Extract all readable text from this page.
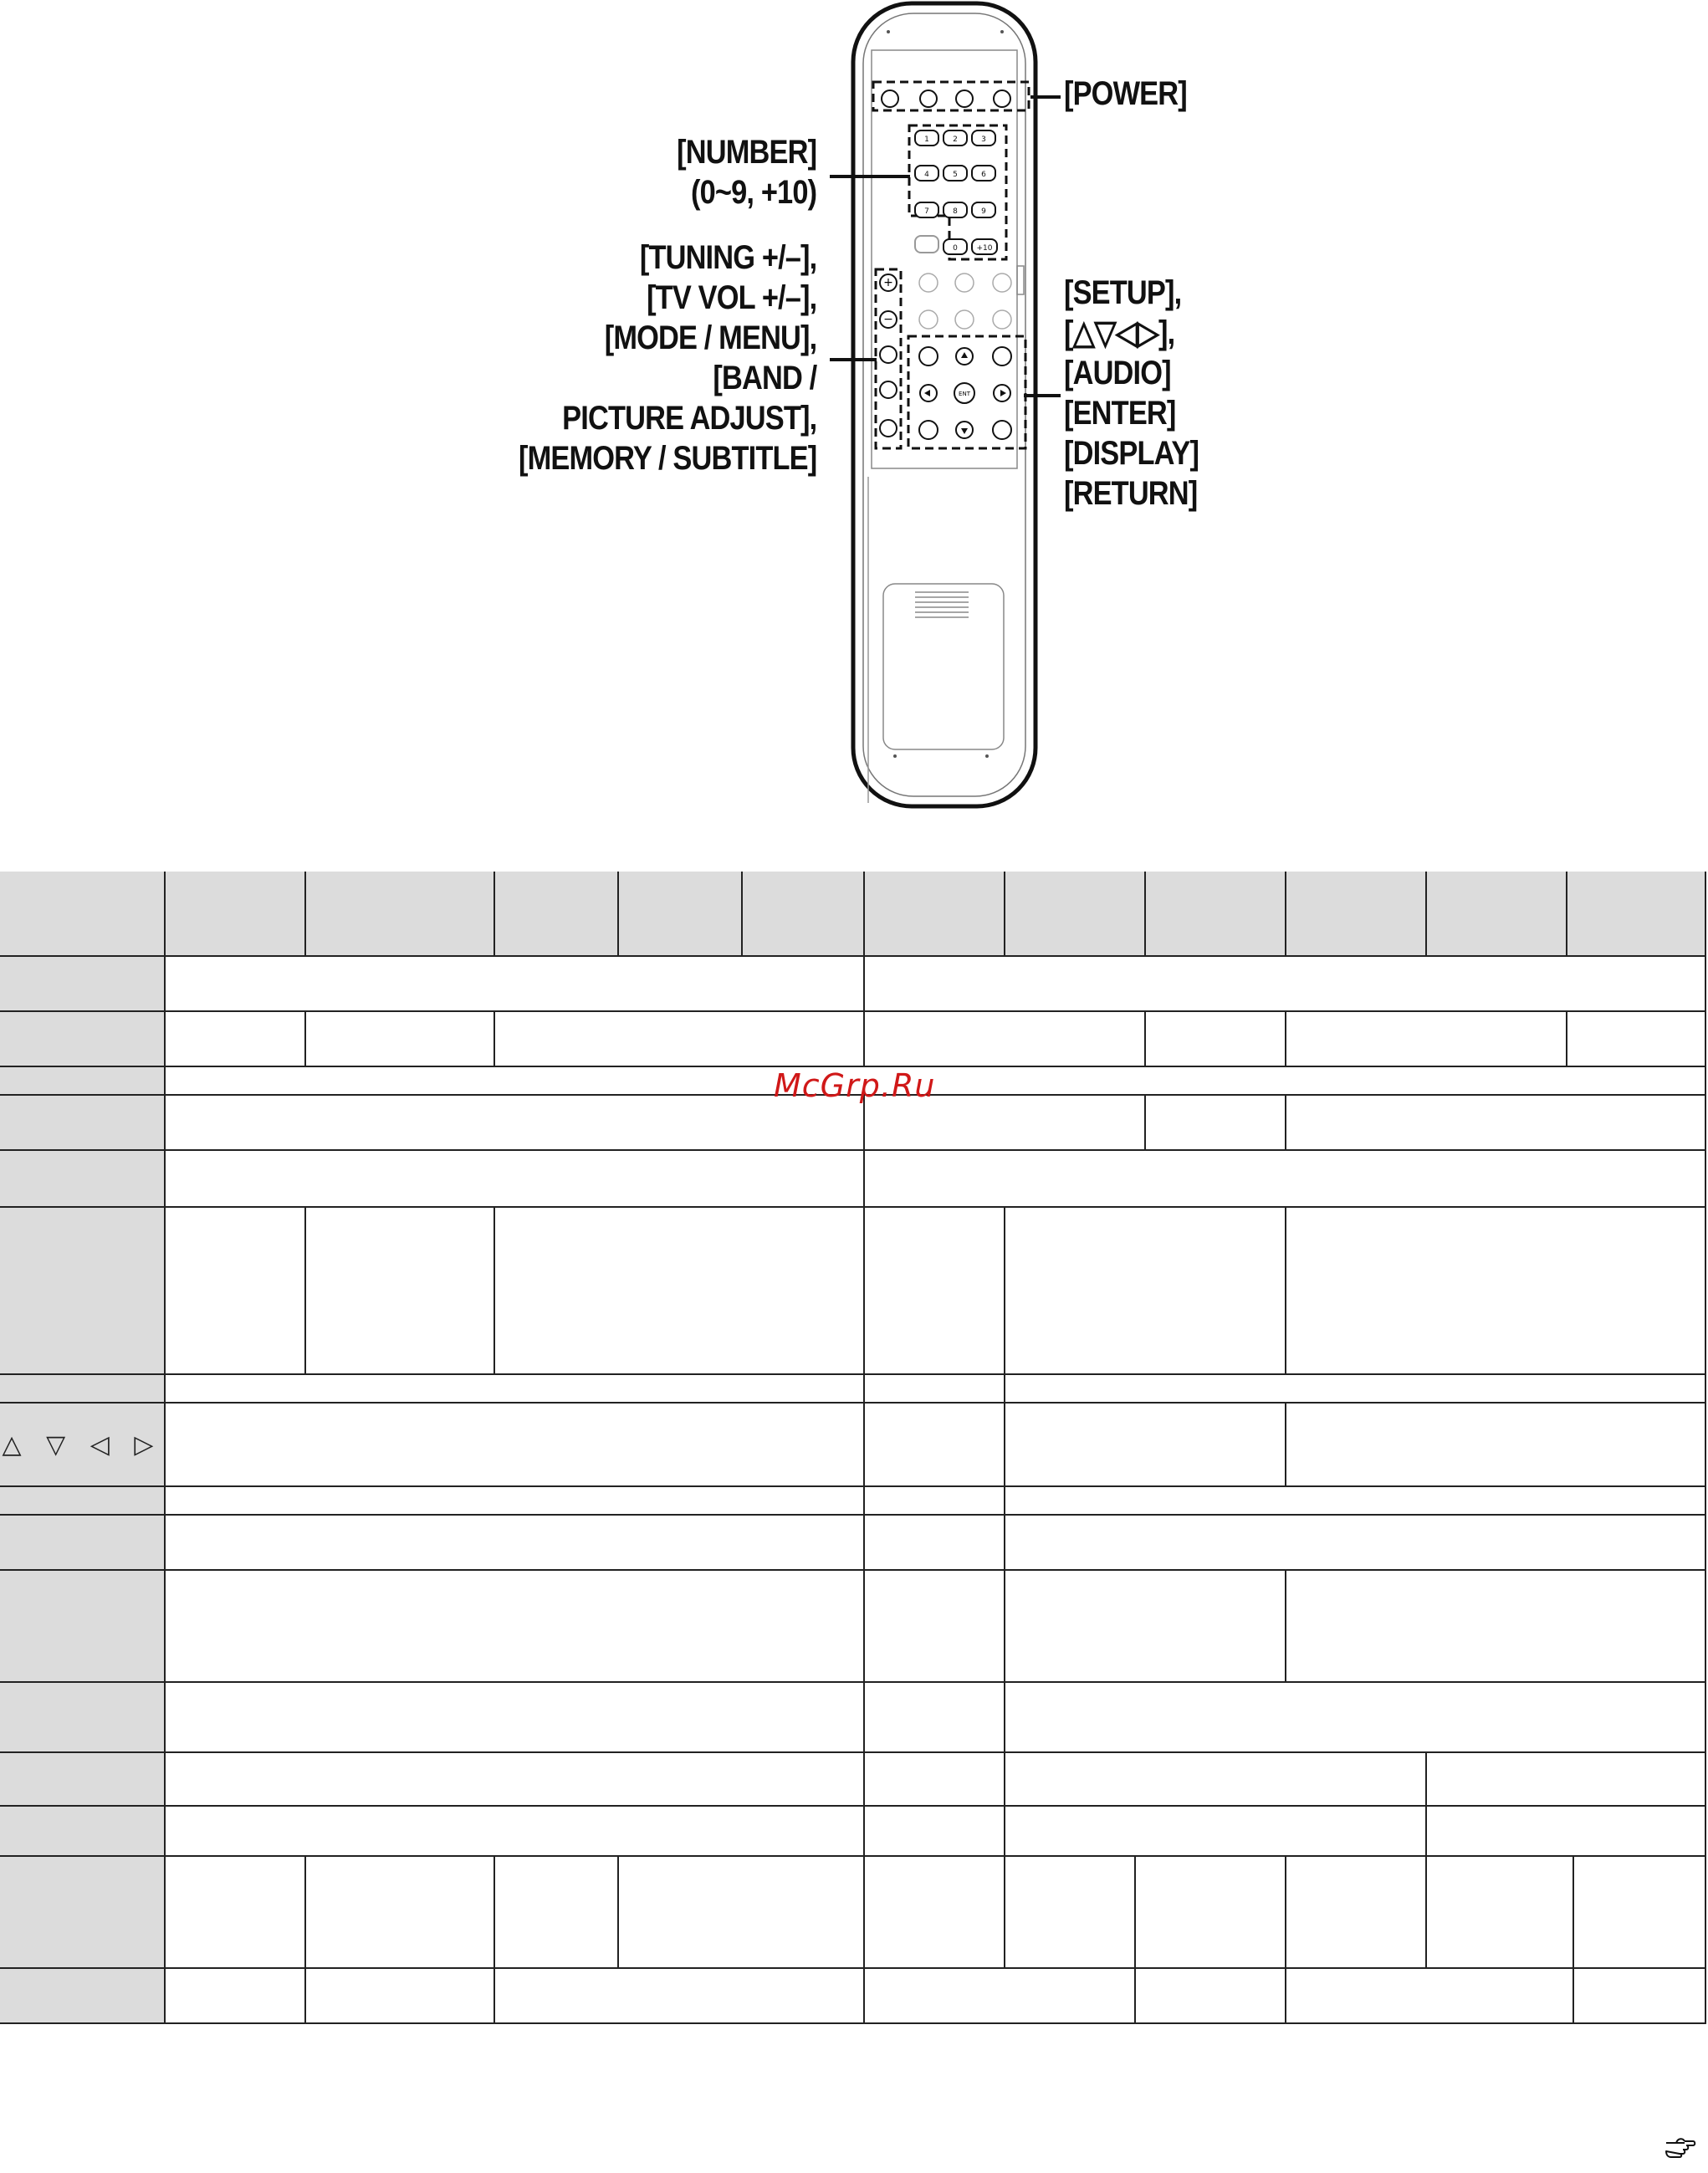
1	2	3
4	5	6
7	8	9
0	+10
+
−
ENT
[POWER]
[NUMBER]
(0~9, +10)
[TUNING +/–],
[TV VOL +/–],
[MODE / MENU],
[BAND /
PICTURE ADJUST],
[MEMORY / SUBTITLE]
[SETUP],
[△▽◁▷],
[AUDIO]
[ENTER]
[DISPLAY]
[RETURN]
△ ▽ ◁ ▷
McGrp.Ru
